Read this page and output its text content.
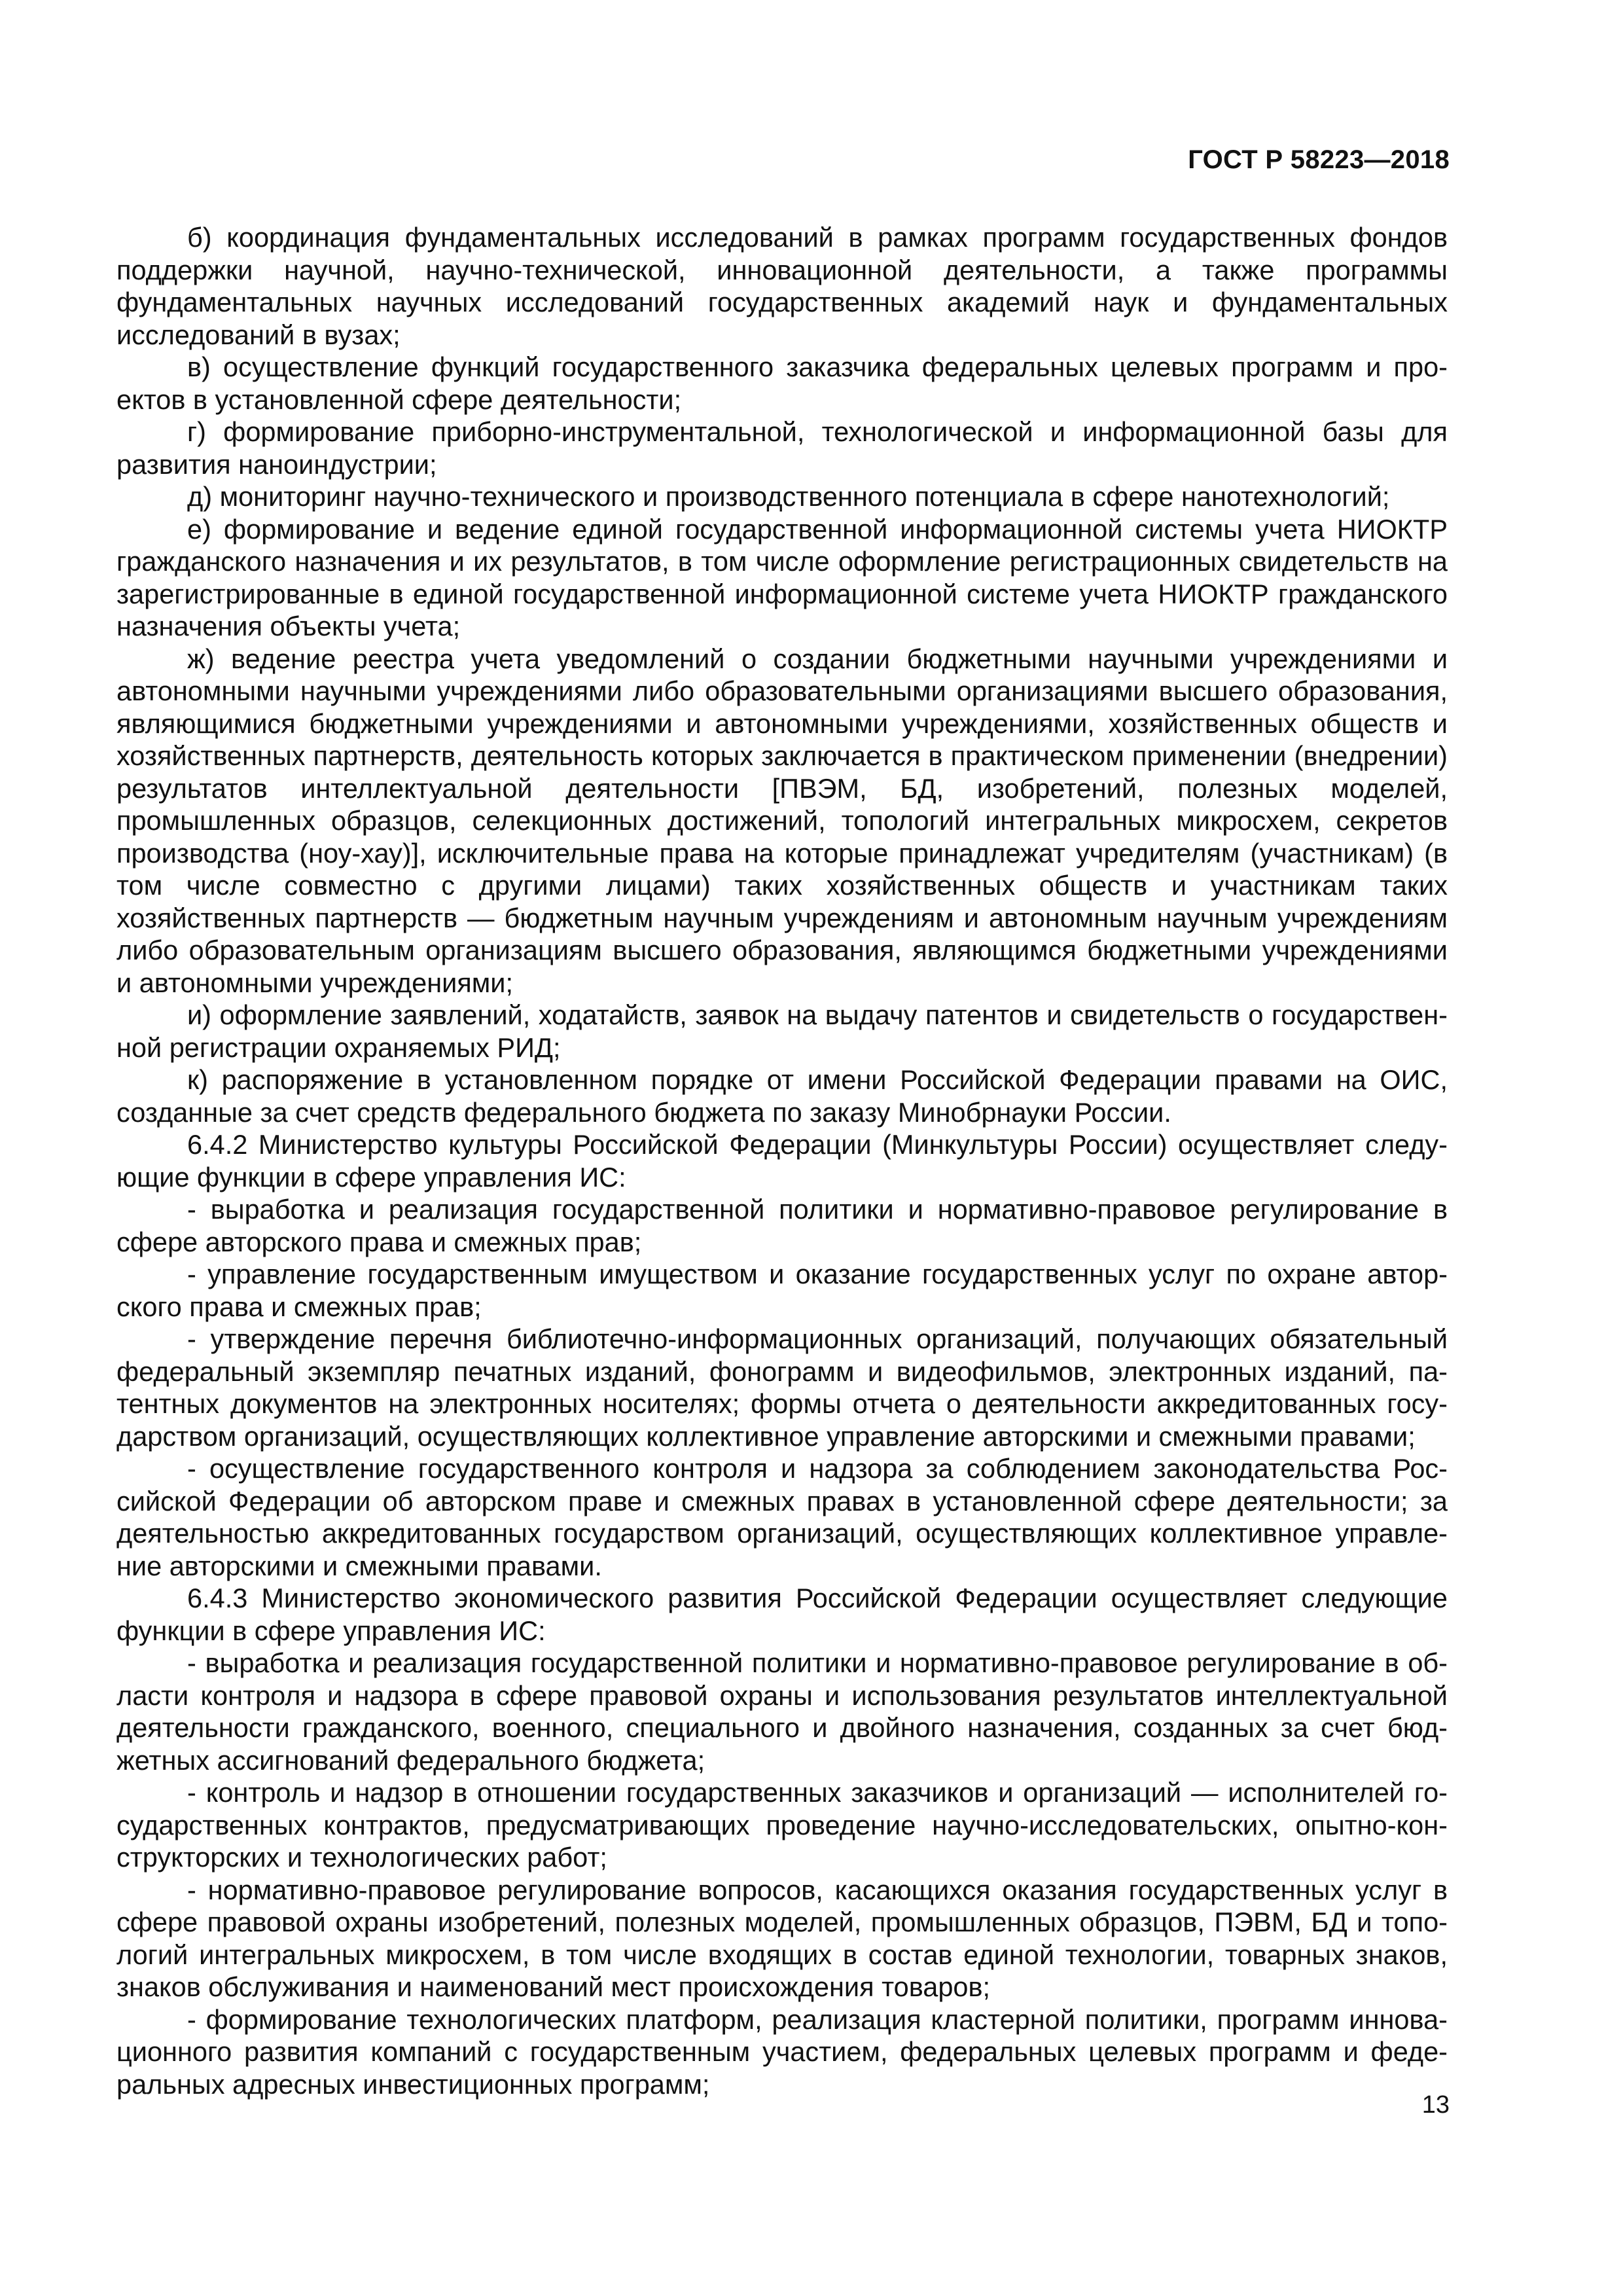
ГОСТ Р 58223—2018

б) координация фундаментальных исследований в рамках программ государственных фондов поддержки научной, научно-технической, инновационной деятельности, а также программы фундаментальных научных исследований государственных академий наук и фундаментальных исследований в вузах;

в) осуществление функций государственного заказчика федеральных целевых программ и проектов в установленной сфере деятельности;

г) формирование приборно-инструментальной, технологической и информационной базы для развития наноиндустрии;

д) мониторинг научно-технического и производственного потенциала в сфере нанотехнологий;

е) формирование и ведение единой государственной информационной системы учета НИОКТР гражданского назначения и их результатов, в том числе оформление регистрационных свидетельств на зарегистрированные в единой государственной информационной системе учета НИОКТР гражданского назначения объекты учета;

ж) ведение реестра учета уведомлений о создании бюджетными научными учреждениями и автономными научными учреждениями либо образовательными организациями высшего образования, являющимися бюджетными учреждениями и автономными учреждениями, хозяйственных обществ и хозяйственных партнерств, деятельность которых заключается в практическом применении (внедрении) результатов интеллектуальной деятельности [ПВЭМ, БД, изобретений, полезных моделей, промышленных образцов, селекционных достижений, топологий интегральных микросхем, секретов производства (ноу-хау)], исключительные права на которые принадлежат учредителям (участникам) (в том числе совместно с другими лицами) таких хозяйственных обществ и участникам таких хозяйственных партнерств — бюджетным научным учреждениям и автономным научным учреждениям либо образовательным организациям высшего образования, являющимся бюджетными учреждениями и автономными учреждениями;

и) оформление заявлений, ходатайств, заявок на выдачу патентов и свидетельств о государственной регистрации охраняемых РИД;

к) распоряжение в установленном порядке от имени Российской Федерации правами на ОИС, созданные за счет средств федерального бюджета по заказу Минобрнауки России.

6.4.2 Министерство культуры Российской Федерации (Минкультуры России) осуществляет следующие функции в сфере управления ИС:

- выработка и реализация государственной политики и нормативно-правовое регулирование в сфере авторского права и смежных прав;

- управление государственным имуществом и оказание государственных услуг по охране авторского права и смежных прав;

- утверждение перечня библиотечно-информационных организаций, получающих обязательный федеральный экземпляр печатных изданий, фонограмм и видеофильмов, электронных изданий, патентных документов на электронных носителях; формы отчета о деятельности аккредитованных государством организаций, осуществляющих коллективное управление авторскими и смежными правами;

- осуществление государственного контроля и надзора за соблюдением законодательства Российской Федерации об авторском праве и смежных правах в установленной сфере деятельности; за деятельностью аккредитованных государством организаций, осуществляющих коллективное управление авторскими и смежными правами.

6.4.3 Министерство экономического развития Российской Федерации осуществляет следующие функции в сфере управления ИС:

- выработка и реализация государственной политики и нормативно-правовое регулирование в области контроля и надзора в сфере правовой охраны и использования результатов интеллектуальной деятельности гражданского, военного, специального и двойного назначения, созданных за счет бюджетных ассигнований федерального бюджета;

- контроль и надзор в отношении государственных заказчиков и организаций — исполнителей государственных контрактов, предусматривающих проведение научно-исследовательских, опытно-конструкторских и технологических работ;

- нормативно-правовое регулирование вопросов, касающихся оказания государственных услуг в сфере правовой охраны изобретений, полезных моделей, промышленных образцов, ПЭВМ, БД и топологий интегральных микросхем, в том числе входящих в состав единой технологии, товарных знаков, знаков обслуживания и наименований мест происхождения товаров;

- формирование технологических платформ, реализация кластерной политики, программ инновационного развития компаний с государственным участием, федеральных целевых программ и федеральных адресных инвестиционных программ;

13
